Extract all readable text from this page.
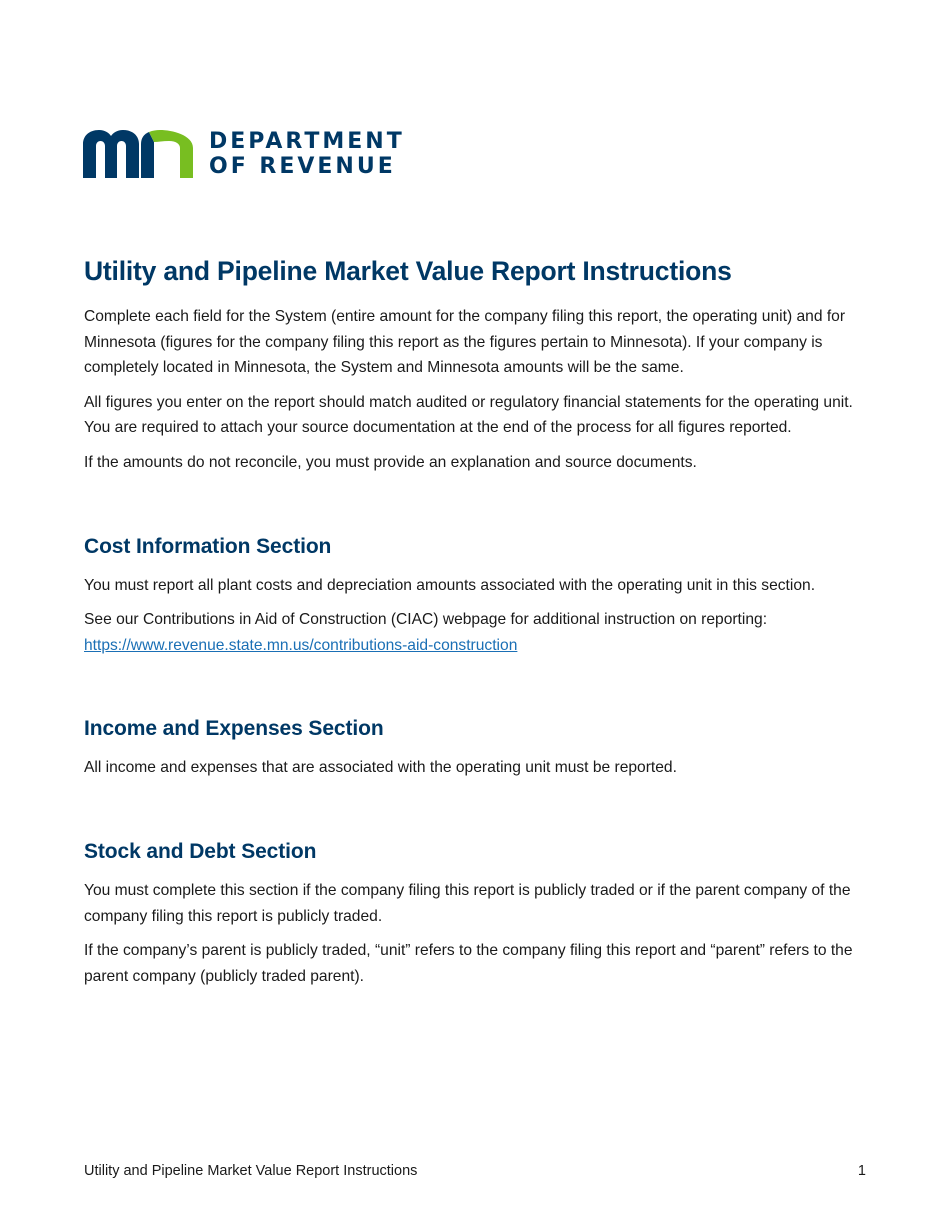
DEPARTMENT
OF REVENUE
Utility and Pipeline Market Value Report Instructions

Complete each field for the System (entire amount for the company filing this report, the operating unit) and for Minnesota (figures for the company filing this report as the figures pertain to Minnesota). If your company is completely located in Minnesota, the System and Minnesota amounts will be the same.

All figures you enter on the report should match audited or regulatory financial statements for the operating unit. You are required to attach your source documentation at the end of the process for all figures reported.

If the amounts do not reconcile, you must provide an explanation and source documents.

Cost Information Section

You must report all plant costs and depreciation amounts associated with the operating unit in this section.

See our Contributions in Aid of Construction (CIAC) webpage for additional instruction on reporting:
https://www.revenue.state.mn.us/contributions-aid-construction

Income and Expenses Section

All income and expenses that are associated with the operating unit must be reported.

Stock and Debt Section

You must complete this section if the company filing this report is publicly traded or if the parent company of the company filing this report is publicly traded.

If the company’s parent is publicly traded, “unit” refers to the company filing this report and “parent” refers to the parent company (publicly traded parent).

Utility and Pipeline Market Value Report Instructions	1
